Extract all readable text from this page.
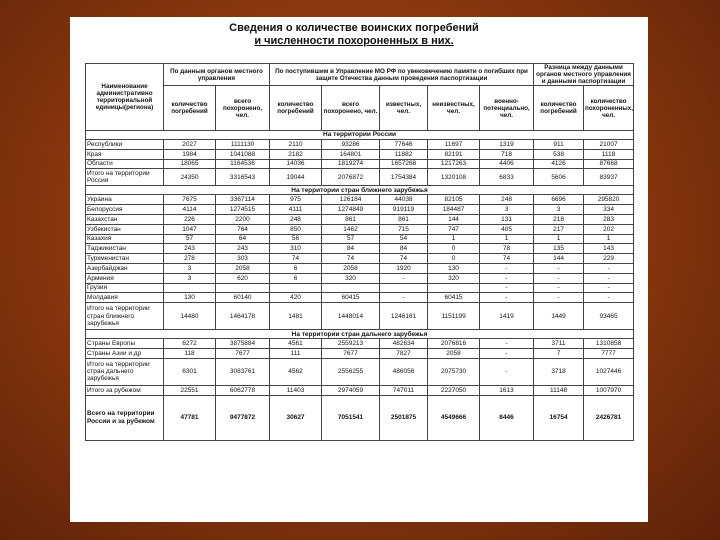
Сведения о количестве воинских погребений
и численности похороненных в них.
Наименование административно территориальной единицы(региона)	По данным органов местного управления		По поступившим в Управление МО РФ по увековечению памяти о погибших при защите Отечества данным проведения паспортизации					Разница между данными органов местного управления и данными паспортизации	
	количество погребений	всего похоронено, чел.	количество погребений	всего похоронено, чел.	известных, чел.	неизвестных, чел.	военно-потенциально, чел.	количество погребений	количество похороненных, чел.
На территории России									
Республики	2027	1111130	2110	93286	77646	11697	1319	911	21007
Края	1984	1041088	2182	164801	11882	82191	718	538	1118
Области	18065	1164536	14036	1819274	1657268	1217263	4406	4126	87668
Итого на территории России	24350	3316543	19044	2076872	1754384	1320108	6833	5606	83937
На территории стран ближнего зарубежья									
Украина	7675	3367114	975	126184	44038	82105	248	6696	295820
Белоруссия	4114	1274515	4111	1274849	919119	184487	3	3	334
Казахстан	226	2200	248	861	861	144	131	218	283
Узбекистан	1047	764	850	1462	715	747	405	217	202
Казахия	57	64	56	57	54	1	1	1	1
Таджикистан	243	243	310	84	84	0	78	135	143
Туркменистан	278	303	74	74	74	0	74	144	229
Азербайджан	3	2058	6	2058	1920	130	-	-	-
Армения	3	620	6	320	-	320	-	-	-
Грузия							-	-	-
Молдавия	130	60140	420	60415	-	60415	-	-	-
Итого на территории стран ближнего зарубежья	14480	1464178	1481	1448014	1246161	1151199	1419	1449	93465
На территории стран дальнего зарубежья									
Страны Европы	6272	3875884	4561	2559213	482634	2076816	-	3711	1310858
Страны Азии и др	118	7677	111	7677	7827	2058	-	7	7777
Итого на территории стран дальнего зарубежья	6301	3083761	4562	2556255	486056	2075730	-	3718	1027446
Итого за рубежом	22551	6062778	11403	2974059	747011	2227050	1613	11148	1007970
Всего на территории России и за рубежом	47781	9477872	30627	7051541	2501875	4549666	8446	16754	2426781
